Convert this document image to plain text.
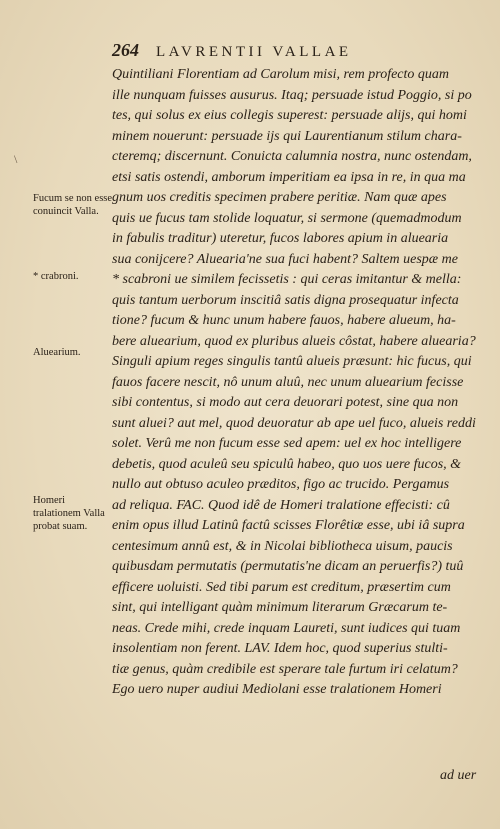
264	LAVRENTII VALLAE
\
Fucum se non esse conuincit Valla.
* crabroni.
Aluearium.
Homeri tralationem Valla probat suam.
Quintiliani Florentiam ad Carolum misi, rem profecto quam
ille nunquam fuisses ausurus. Itaq; persuade istud Poggio, si po
tes, qui solus ex eius collegis superest: persuade alijs, qui homi
minem nouerunt: persuade ijs qui Laurentianum stilum chara-
cteremq; discernunt. Conuicta calumnia nostra, nunc ostendam,
etsi satis ostendi, amborum imperitiam ea ipsa in re, in qua ma
gnum uos creditis specimen prabere peritiæ. Nam quæ apes
quis ue fucus tam stolide loquatur, si sermone (quemadmodum
in fabulis traditur) uteretur, fucos labores apium in aluearia
sua conijcere? Aluearia'ne sua fuci habent? Saltem uespæ me
* scabroni ue similem fecissetis : qui ceras imitantur & mella:
quis tantum uerborum inscitiâ satis digna prosequatur infecta
tione? fucum & hunc unum habere fauos, habere alueum, ha-
bere aluearium, quod ex pluribus alueis côstat, habere aluearia?
Singuli apium reges singulis tantû alueis præsunt: hic fucus, qui
fauos facere nescit, nô unum aluû, nec unum aluearium fecisse
sibi contentus, si modo aut cera deuorari potest, sine qua non
sunt aluei? aut mel, quod deuoratur ab ape uel fuco, alueis reddi
solet. Verû me non fucum esse sed apem: uel ex hoc intelligere
debetis, quod aculeû seu spiculû habeo, quo uos uere fucos, &
nullo aut obtuso aculeo præditos, figo ac trucido. Pergamus
ad reliqua. FAC. Quod idê de Homeri tralatione effecisti: cû
enim opus illud Latinû factû scisses Florêtiæ esse, ubi iâ supra
centesimum annû est, & in Nicolai bibliotheca uisum, paucis
quibusdam permutatis (permutatis'ne dicam an peruerfis?) tuû
efficere uoluisti. Sed tibi parum est creditum, præsertim cum
sint, qui intelligant quàm minimum literarum Græcarum te-
neas. Crede mihi, crede inquam Laureti, sunt iudices qui tuam
insolentiam non ferent. LAV. Idem hoc, quod superius stulti-
tiæ genus, quàm credibile est sperare tale furtum iri celatum?
Ego uero nuper audiui Mediolani esse tralationem Homeri
ad uer
